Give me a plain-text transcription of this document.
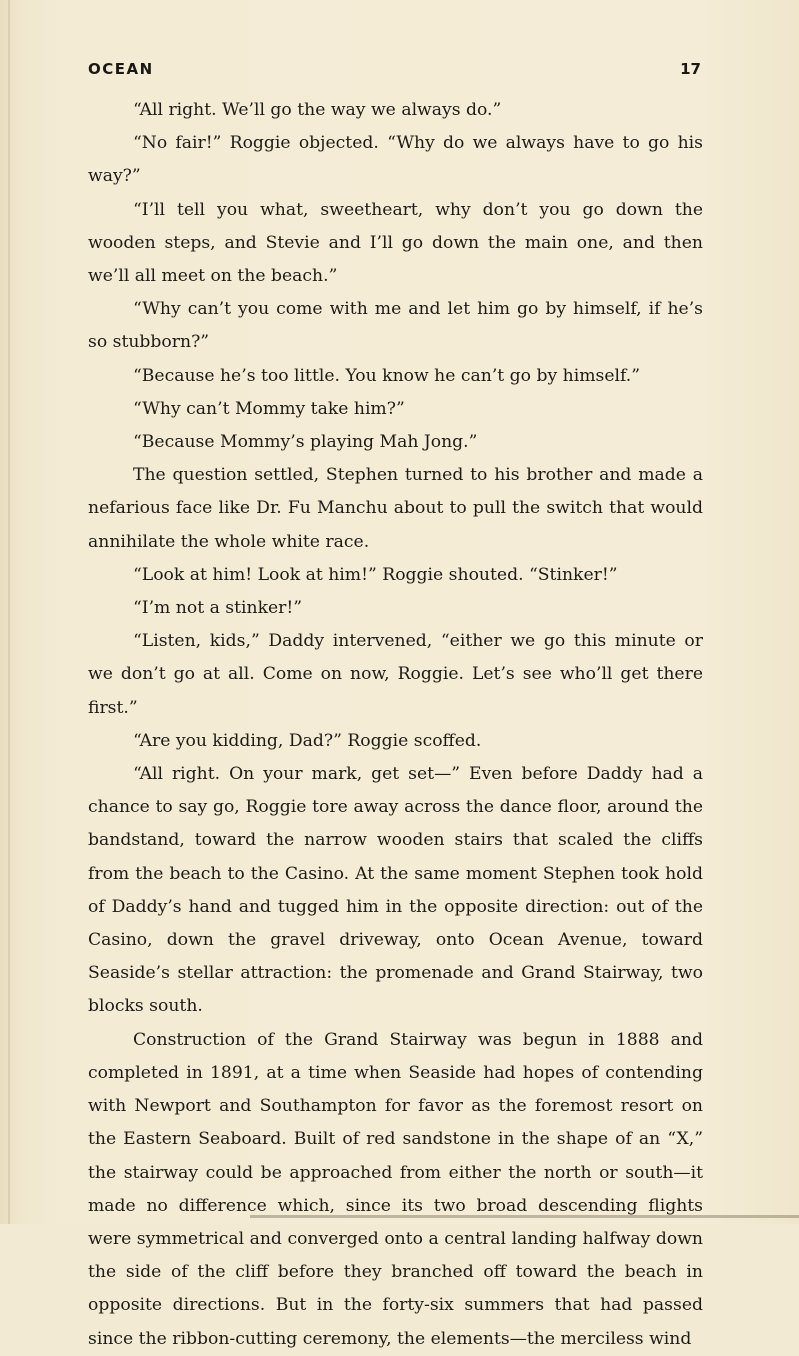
OCEAN	17

“All right. We’ll go the way we always do.”

“No fair!” Roggie objected. “Why do we always have to go his way?”

“I’ll tell you what, sweetheart, why don’t you go down the wooden steps, and Stevie and I’ll go down the main one, and then we’ll all meet on the beach.”

“Why can’t you come with me and let him go by himself, if he’s so stubborn?”

“Because he’s too little. You know he can’t go by himself.”

“Why can’t Mommy take him?”

“Because Mommy’s playing Mah Jong.”

The question settled, Stephen turned to his brother and made a nefarious face like Dr. Fu Manchu about to pull the switch that would annihilate the whole white race.

“Look at him! Look at him!” Roggie shouted. “Stinker!”

“I’m not a stinker!”

“Listen, kids,” Daddy intervened, “either we go this minute or we don’t go at all. Come on now, Roggie. Let’s see who’ll get there first.”

“Are you kidding, Dad?” Roggie scoffed.

“All right. On your mark, get set—” Even before Daddy had a chance to say go, Roggie tore away across the dance floor, around the bandstand, toward the narrow wooden stairs that scaled the cliffs from the beach to the Casino. At the same moment Stephen took hold of Daddy’s hand and tugged him in the opposite direction: out of the Casino, down the gravel driveway, onto Ocean Avenue, toward Seaside’s stellar attraction: the promenade and Grand Stairway, two blocks south.

Construction of the Grand Stairway was begun in 1888 and completed in 1891, at a time when Seaside had hopes of contending with Newport and Southampton for favor as the foremost resort on the Eastern Seaboard. Built of red sandstone in the shape of an “X,” the stairway could be approached from either the north or south—it made no difference which, since its two broad descending flights were symmetrical and converged onto a central landing halfway down the side of the cliff before they branched off toward the beach in opposite directions. But in the forty-six summers that had passed since the ribbon-cutting ceremony, the elements—the merciless wind
